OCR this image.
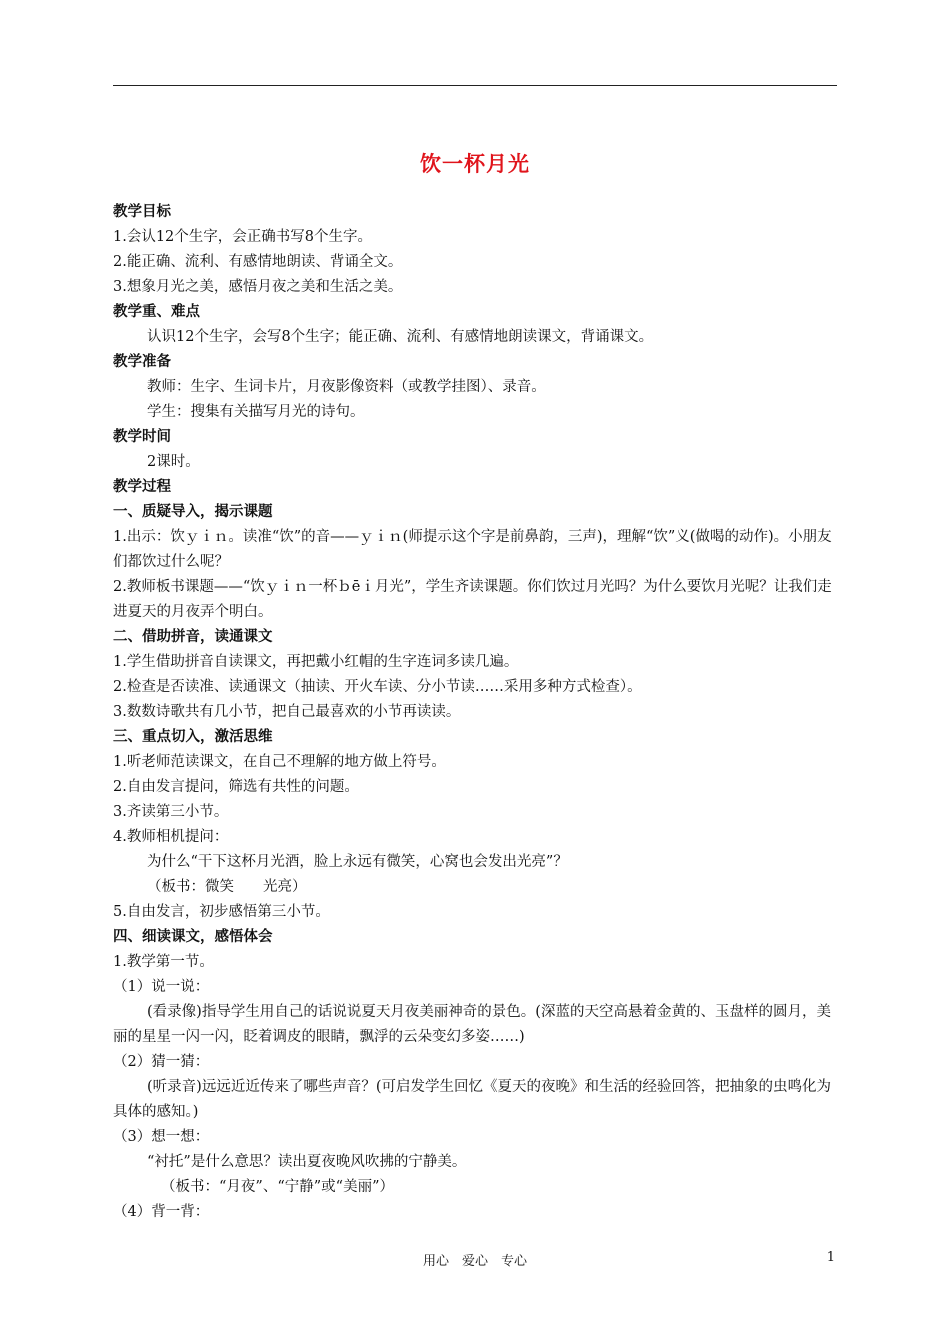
饮一杯月光

教学目标

1.会认12个生字，会正确书写8个生字。

2.能正确、流利、有感情地朗读、背诵全文。

3.想象月光之美，感悟月夜之美和生活之美。

教学重、难点

认识12个生字，会写8个生字；能正确、流利、有感情地朗读课文，背诵课文。

教学准备

教师：生字、生词卡片，月夜影像资料（或教学挂图）、录音。

学生：搜集有关描写月光的诗句。

教学时间

2课时。

教学过程

一、质疑导入，揭示课题

1.出示：饮ｙｉｎ。读准“饮”的音——ｙｉｎ(师提示这个字是前鼻韵，三声)，理解“饮”义(做喝的动作)。小朋友们都饮过什么呢？

2.教师板书课题——“饮ｙｉｎ一杯ｂēｉ月光”，学生齐读课题。你们饮过月光吗？为什么要饮月光呢？让我们走进夏天的月夜弄个明白。

二、借助拼音，读通课文

1.学生借助拼音自读课文，再把戴小红帽的生字连词多读几遍。

2.检查是否读准、读通课文（抽读、开火车读、分小节读……采用多种方式检查）。

3.数数诗歌共有几小节，把自己最喜欢的小节再读读。

三、重点切入，激活思维

1.听老师范读课文，在自己不理解的地方做上符号。

2.自由发言提问，筛选有共性的问题。

3.齐读第三小节。

4.教师相机提问：

为什么“干下这杯月光酒，脸上永远有微笑，心窝也会发出光亮”？

（板书：微笑　　光亮）

5.自由发言，初步感悟第三小节。

四、细读课文，感悟体会

1.教学第一节。

（1）说一说：

(看录像)指导学生用自己的话说说夏天月夜美丽神奇的景色。(深蓝的天空高悬着金黄的、玉盘样的圆月，美丽的星星一闪一闪，眨着调皮的眼睛，飘浮的云朵变幻多姿……)

（2）猜一猜：

(听录音)远远近近传来了哪些声音？(可启发学生回忆《夏天的夜晚》和生活的经验回答，把抽象的虫鸣化为具体的感知。)

（3）想一想：

“衬托”是什么意思？读出夏夜晚风吹拂的宁静美。

（板书：“月夜”、“宁静”或“美丽”）

（4）背一背：

用心　爱心　专心	1
